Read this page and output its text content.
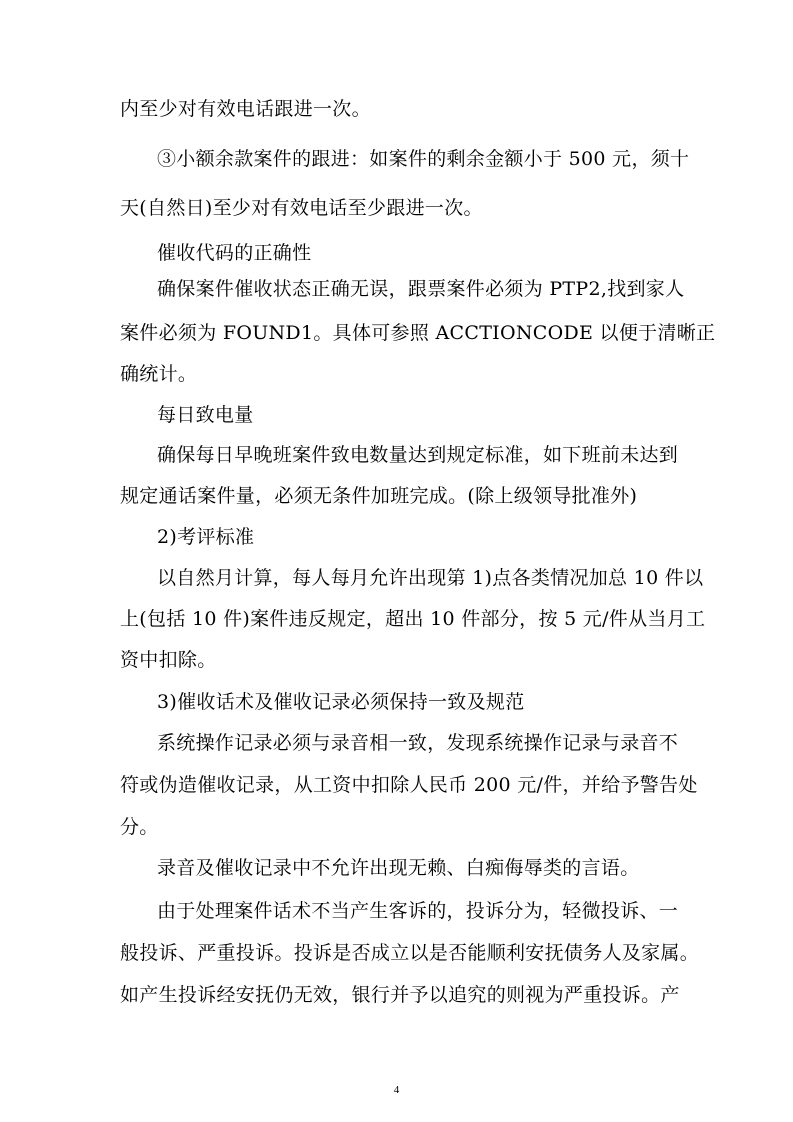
内至少对有效电话跟进一次。
③小额余款案件的跟进：如案件的剩余金额小于 500 元，须十
天(自然日)至少对有效电话至少跟进一次。
催收代码的正确性
确保案件催收状态正确无误，跟票案件必须为 PTP2,找到家人
案件必须为 FOUND1。具体可参照 ACCTIONCODE 以便于清晰正
确统计。
每日致电量
确保每日早晚班案件致电数量达到规定标准，如下班前未达到
规定通话案件量，必须无条件加班完成。(除上级领导批准外)
2)考评标准
以自然月计算，每人每月允许出现第 1)点各类情况加总 10 件以
上(包括 10 件)案件违反规定，超出 10 件部分，按 5 元/件从当月工
资中扣除。
3)催收话术及催收记录必须保持一致及规范
系统操作记录必须与录音相一致，发现系统操作记录与录音不
符或伪造催收记录，从工资中扣除人民币 200 元/件，并给予警告处
分。
录音及催收记录中不允许出现无赖、白痴侮辱类的言语。
由于处理案件话术不当产生客诉的，投诉分为，轻微投诉、一
般投诉、严重投诉。投诉是否成立以是否能顺利安抚债务人及家属。
如产生投诉经安抚仍无效，银行并予以追究的则视为严重投诉。产
4
